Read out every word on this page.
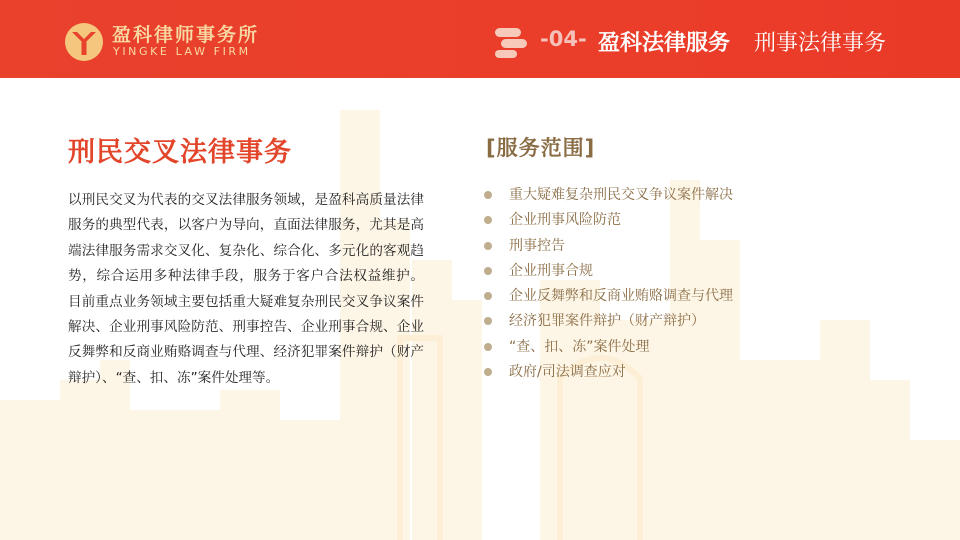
盈科律师事务所
YINGKE LAW FIRM
-04- 盈科法律服务 刑事法律事务
刑民交叉法律事务

以刑民交叉为代表的交叉法律服务领域，是盈科高质量法律服务的典型代表，以客户为导向，直面法律服务，尤其是高端法律服务需求交叉化、复杂化、综合化、多元化的客观趋势，综合运用多种法律手段，服务于客户合法权益维护。 目前重点业务领域主要包括重大疑难复杂刑民交叉争议案件解决、企业刑事风险防范、刑事控告、企业刑事合规、企业反舞弊和反商业贿赂调查与代理、经济犯罪案件辩护（财产辩护）、“查、扣、冻”案件处理等。

[服务范围]
重大疑难复杂刑民交叉争议案件解决
企业刑事风险防范
刑事控告
企业刑事合规
企业反舞弊和反商业贿赂调查与代理
经济犯罪案件辩护（财产辩护）
“查、扣、冻”案件处理
政府/司法调查应对
